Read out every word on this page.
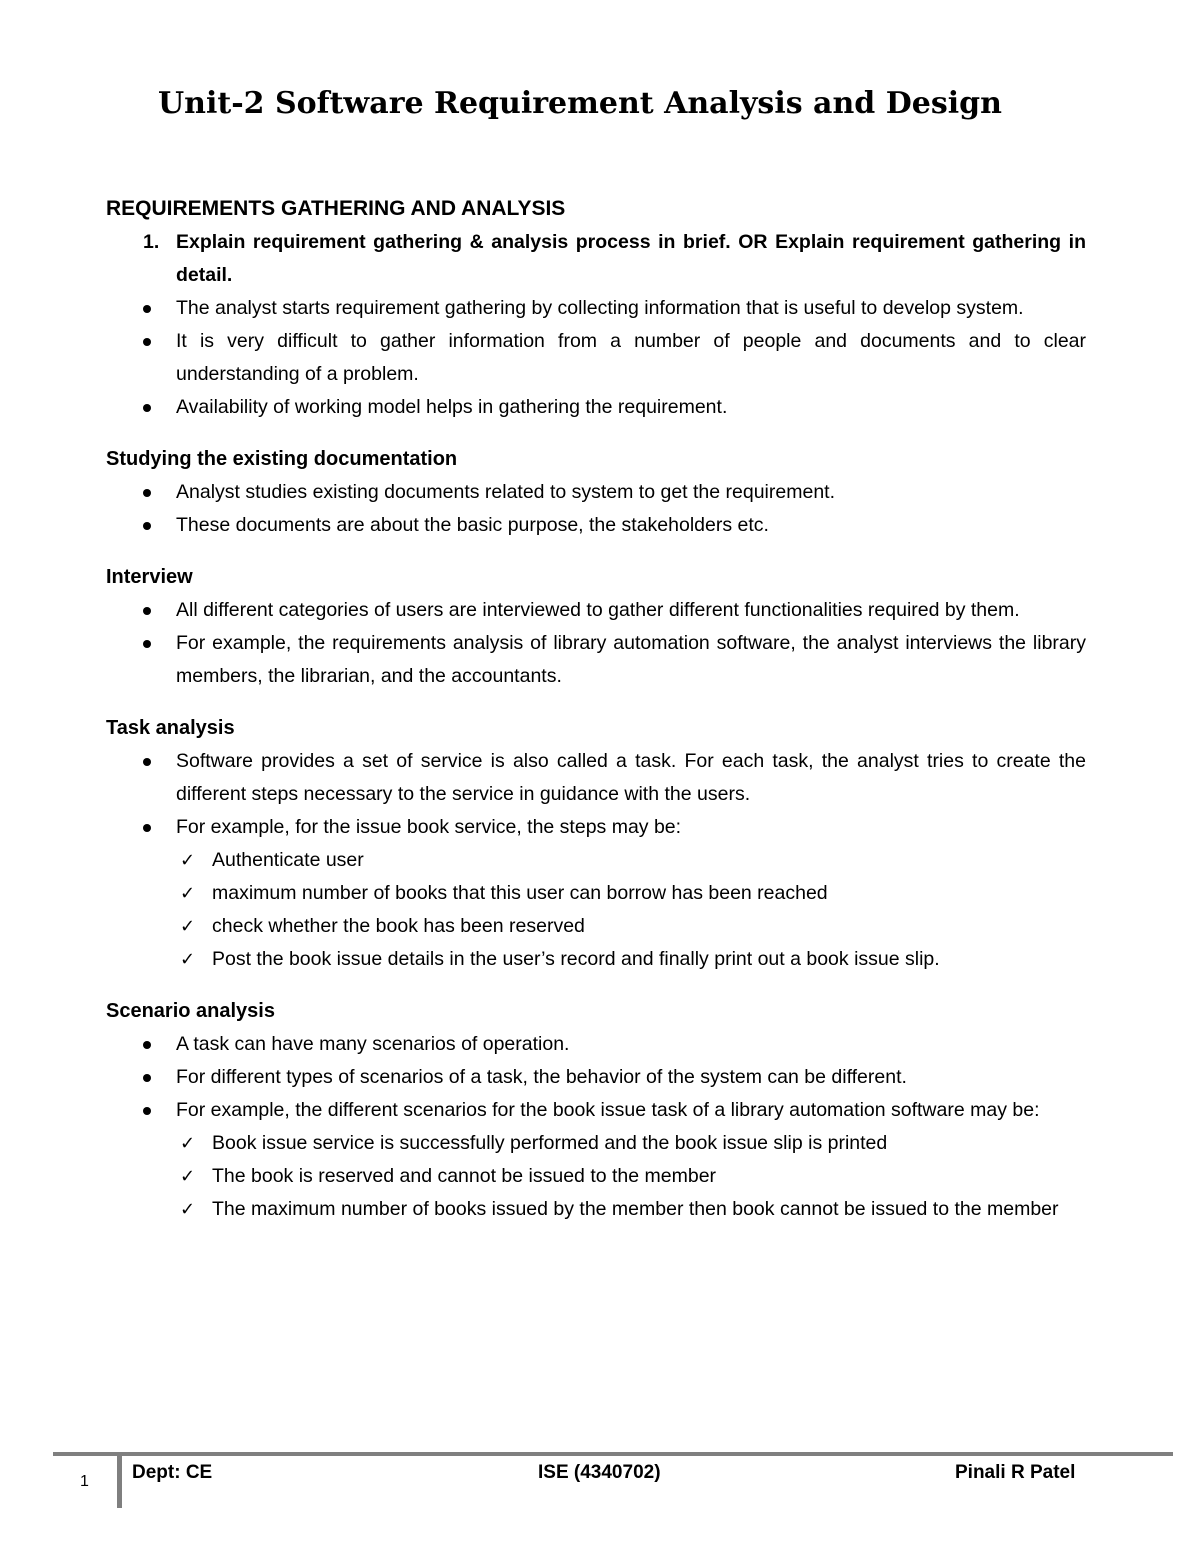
Unit-2 Software Requirement Analysis and Design
REQUIREMENTS GATHERING AND ANALYSIS
1. Explain requirement gathering & analysis process in brief. OR Explain requirement gathering in detail.
The analyst starts requirement gathering by collecting information that is useful to develop system.
It is very difficult to gather information from a number of people and documents and to clear understanding of a problem.
Availability of working model helps in gathering the requirement.
Studying the existing documentation
Analyst studies existing documents related to system to get the requirement.
These documents are about the basic purpose, the stakeholders etc.
Interview
All different categories of users are interviewed to gather different functionalities required by them.
For example, the requirements analysis of library automation software, the analyst interviews the library members, the librarian, and the accountants.
Task analysis
Software provides a set of service is also called a task. For each task, the analyst tries to create the different steps necessary to the service in guidance with the users.
For example, for the issue book service, the steps may be:
✓ Authenticate user
✓ maximum number of books that this user can borrow has been reached
✓ check whether the book has been reserved
✓ Post the book issue details in the user’s record and finally print out a book issue slip.
Scenario analysis
A task can have many scenarios of operation.
For different types of scenarios of a task, the behavior of the system can be different.
For example, the different scenarios for the book issue task of a library automation software may be:
✓ Book issue service is successfully performed and the book issue slip is printed
✓ The book is reserved and cannot be issued to the member
✓ The maximum number of books issued by the member then book cannot be issued to the member
1 Dept: CE	ISE (4340702)	Pinali R Patel
